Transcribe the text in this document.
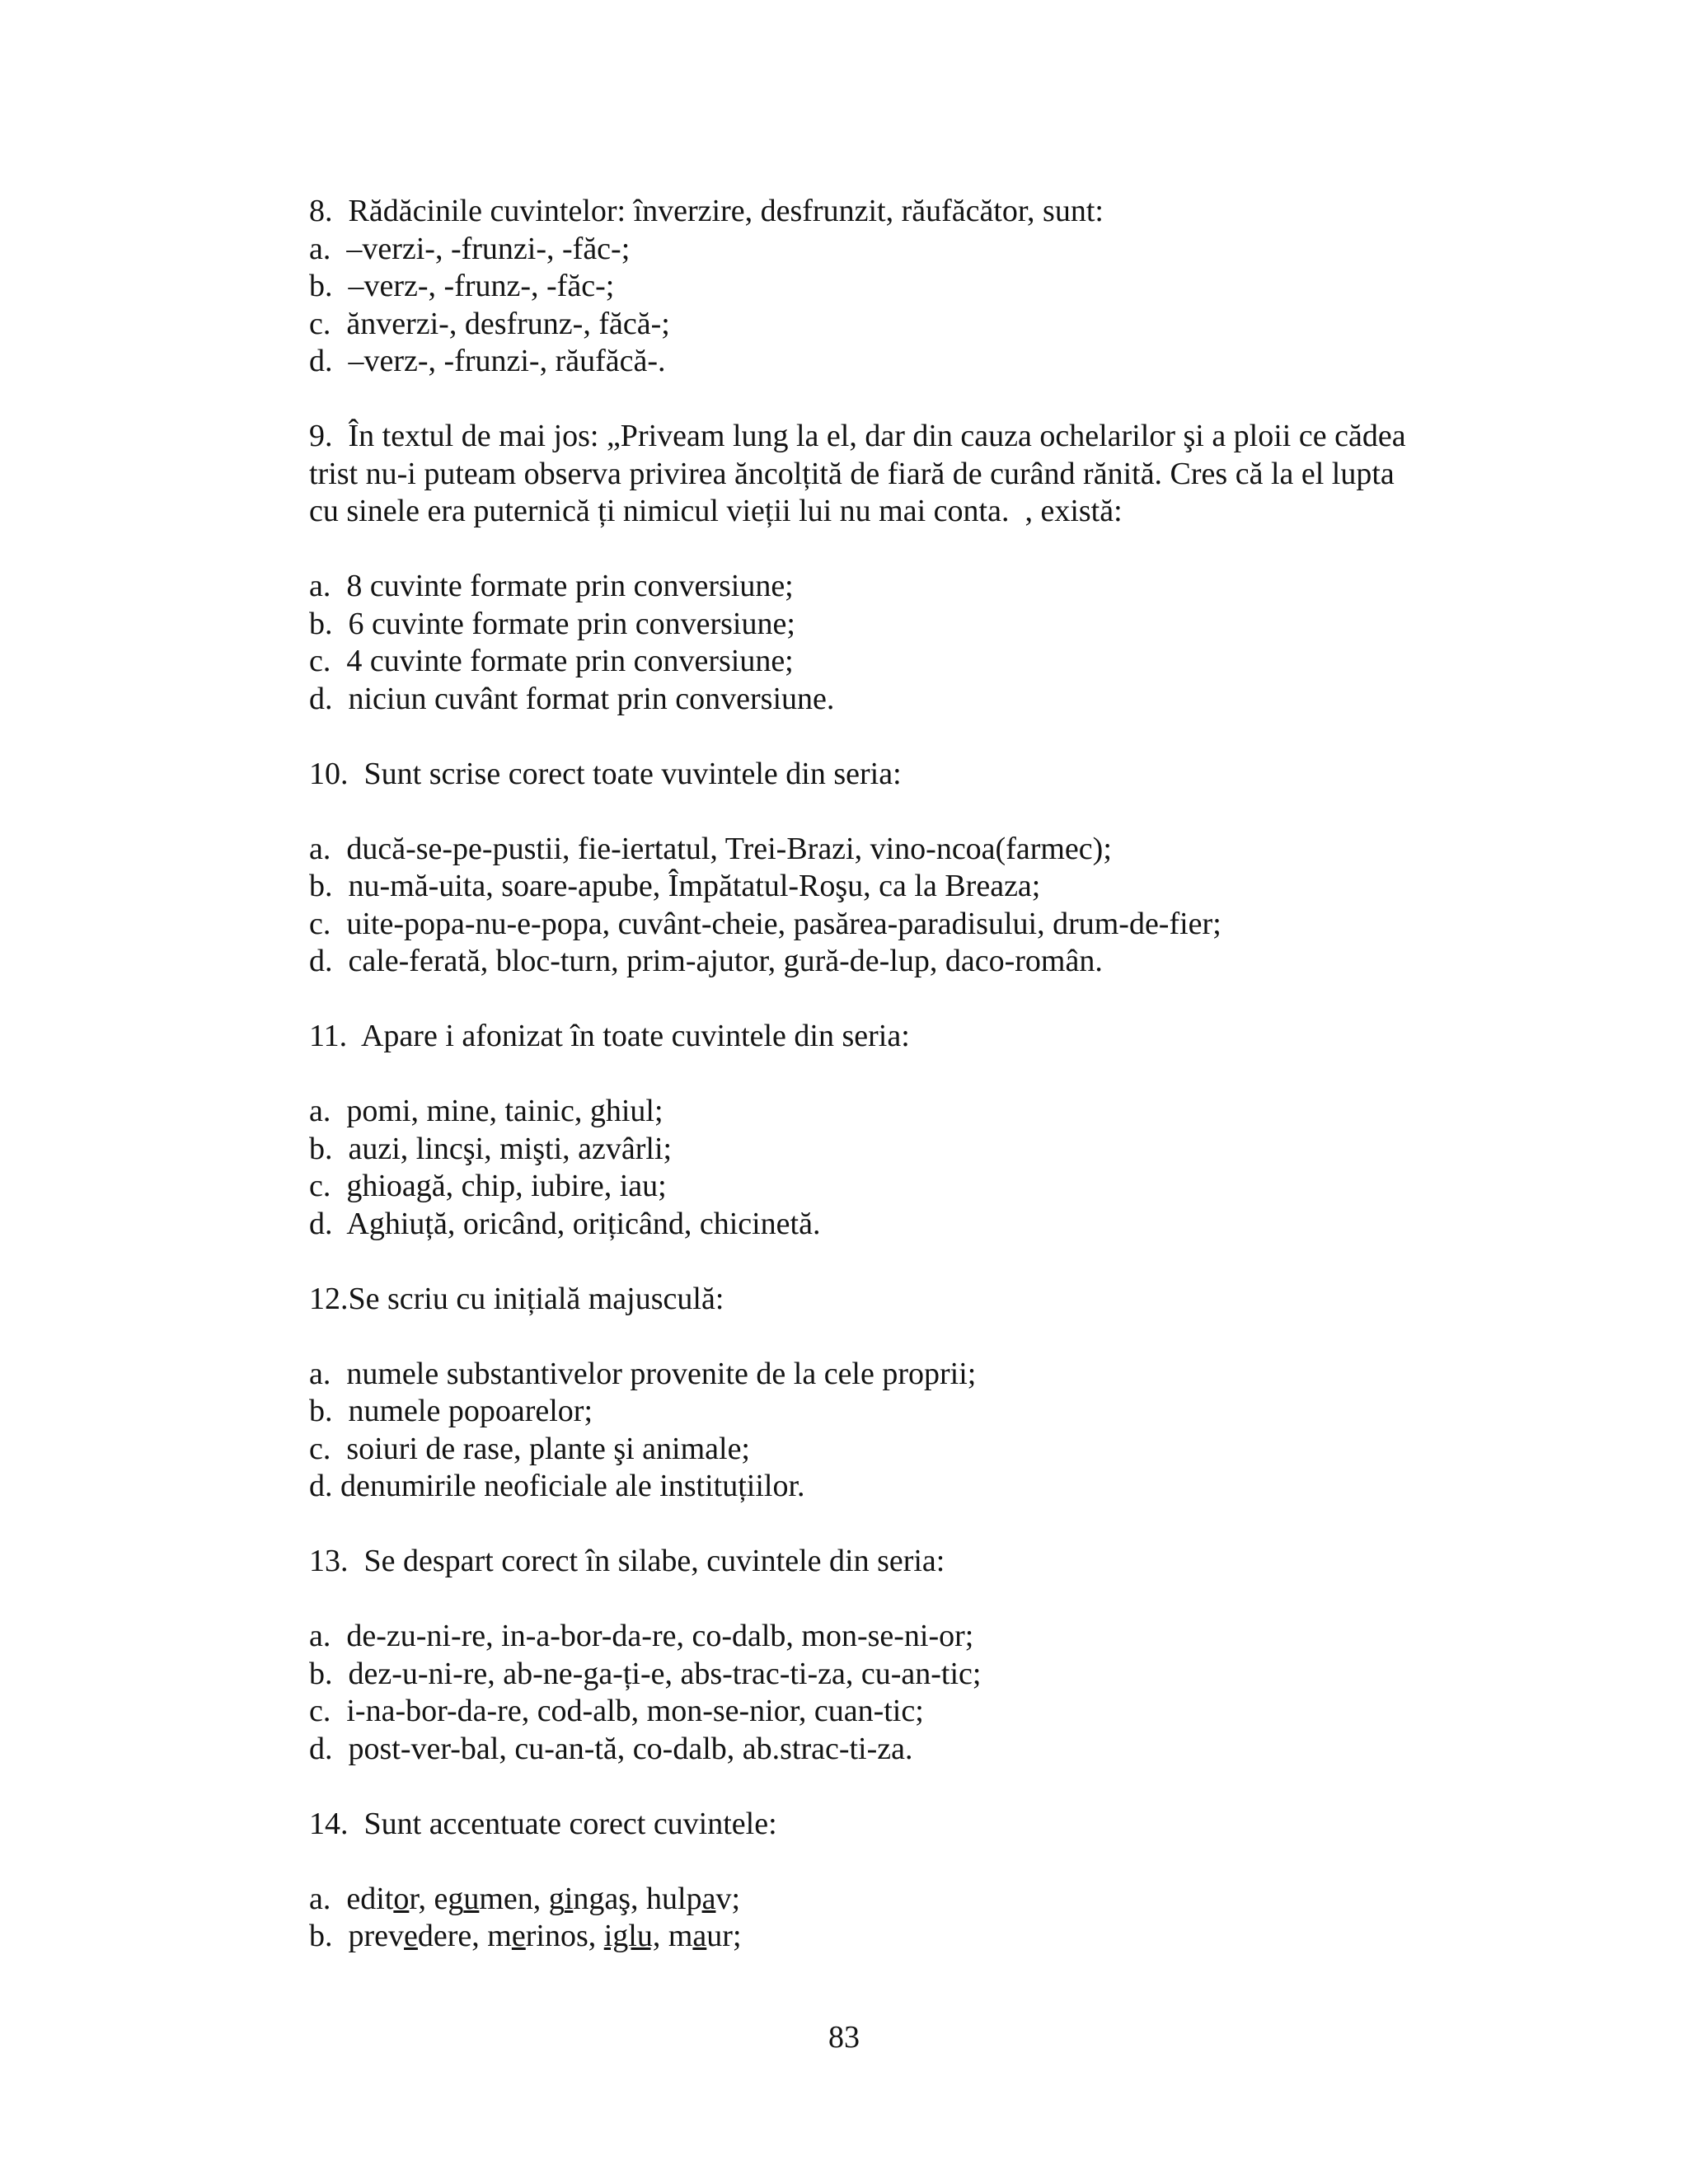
8.  Rădăcinile cuvintelor: înverzire, desfrunzit, răufăcător, sunt:
a.  –verzi-, -frunzi-, -făc-;
b.  –verz-, -frunz-, -făc-;
c.  ănverzi-, desfrunz-, făcă-;
d.  –verz-, -frunzi-, răufăcă-.
9.  În textul de mai jos: „Priveam lung la el, dar din cauza ochelarilor şi a ploii ce cădea
trist nu-i puteam observa privirea ăncolțită de fiară de curând rănită. Cres că la el lupta
cu sinele era puternică ți nimicul vieții lui nu mai conta.  , există:
a.  8 cuvinte formate prin conversiune;
b.  6 cuvinte formate prin conversiune;
c.  4 cuvinte formate prin conversiune;
d.  niciun cuvânt format prin conversiune.
10.  Sunt scrise corect toate vuvintele din seria:
a.  ducă-se-pe-pustii, fie-iertatul, Trei-Brazi, vino-ncoa(farmec);
b.  nu-mă-uita, soare-apube, Împătatul-Roşu, ca la Breaza;
c.  uite-popa-nu-e-popa, cuvânt-cheie, pasărea-paradisului, drum-de-fier;
d.  cale-ferată, bloc-turn, prim-ajutor, gură-de-lup, daco-român.
11.  Apare i afonizat în toate cuvintele din seria:
a.  pomi, mine, tainic, ghiul;
b.  auzi, lincşi, mişti, azvârli;
c.  ghioagă, chip, iubire, iau;
d.  Aghiuță, oricând, orițicând, chicinetă.
12.Se scriu cu inițială majusculă:
a.  numele substantivelor provenite de la cele proprii;
b.  numele popoarelor;
c.  soiuri de rase, plante şi animale;
d. denumirile neoficiale ale instituțiilor.
13.  Se despart corect în silabe, cuvintele din seria:
a.  de-zu-ni-re, in-a-bor-da-re, co-dalb, mon-se-ni-or;
b.  dez-u-ni-re, ab-ne-ga-ți-e, abs-trac-ti-za, cu-an-tic;
c.  i-na-bor-da-re, cod-alb, mon-se-nior, cuan-tic;
d.  post-ver-bal, cu-an-tă, co-dalb, ab.strac-ti-za.
14.  Sunt accentuate corect cuvintele:
a.  editor, egumen, gingaş, hulpav;
b.  prevedere, merinos, iglu, maur;
83
